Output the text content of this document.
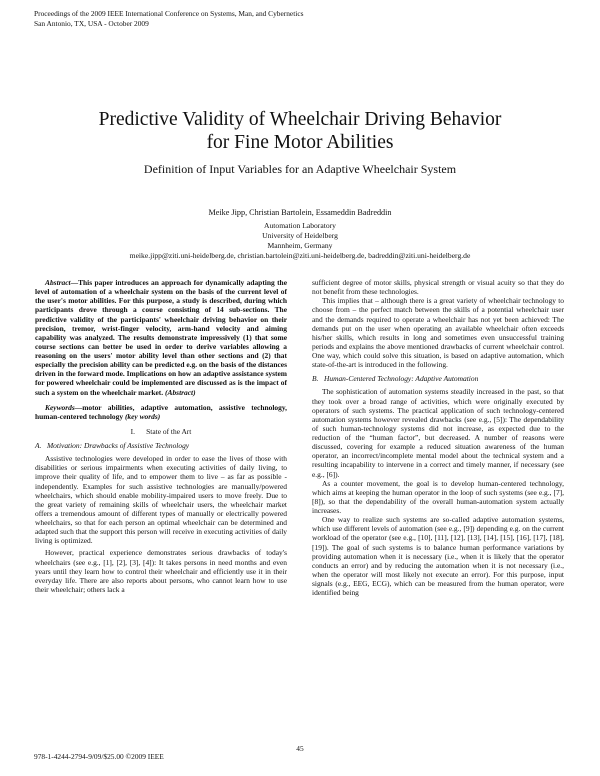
Proceedings of the 2009 IEEE International Conference on Systems, Man, and Cybernetics
San Antonio, TX, USA - October 2009
Predictive Validity of Wheelchair Driving Behavior
for Fine Motor Abilities
Definition of Input Variables for an Adaptive Wheelchair System
Meike Jipp, Christian Bartolein, Essameddin Badreddin
Automation Laboratory
University of Heidelberg
Mannheim, Germany
meike.jipp@ziti.uni-heidelberg.de, christian.bartolein@ziti.uni-heidelberg.de, badreddin@ziti.uni-heidelberg.de

Abstract—This paper introduces an approach for dynamically adapting the level of automation of a wheelchair system on the basis of the current level of the user's motor abilities. For this purpose, a study is described, during which participants drove through a course consisting of 14 sub-sections. The predictive validity of the participants' wheelchair driving behavior on their precision, tremor, wrist-finger velocity, arm-hand velocity and aiming capability was analyzed. The results demonstrate impressively (1) that some course sections can better be used in order to derive variables allowing a reasoning on the users' motor ability level than other sections and (2) that especially the precision ability can be predicted e.g. on the basis of the distances driven in the forward mode. Implications on how an adaptive assistance system for powered wheelchair could be implemented are discussed as is the impact of such a system on the wheelchair market. (Abstract)

Keywords—motor abilities, adaptive automation, assistive technology, human-centered technology (key words)

I.      State of the Art
A.   Motivation: Drawbacks of Assistive Technology

Assistive technologies were developed in order to ease the lives of those with disabilities or serious impairments when executing activities of daily living, to improve their quality of life, and to empower them to live – as far as possible - independently. Examples for such assistive technologies are manually/powered wheelchairs, which should enable mobility-impaired users to move freely. Due to the great variety of remaining skills of wheelchair users, the wheelchair market offers a tremendous amount of different types of manually or electrically powered wheelchairs, so that for each person an optimal wheelchair can be determined and adapted such that the support this person will receive in executing activities of daily living is optimized.

However, practical experience demonstrates serious drawbacks of today's wheelchairs (see e.g., [1], [2], [3], [4]): It takes persons in need months and even years until they learn how to control their wheelchair and efficiently use it in their everyday life. There are also reports about persons, who cannot learn how to use their wheelchair; others lack a

sufficient degree of motor skills, physical strength or visual acuity so that they do not benefit from these technologies.

This implies that – although there is a great variety of wheelchair technology to choose from – the perfect match between the skills of a potential wheelchair user and the demands required to operate a wheelchair has not yet been achieved: The demands put on the user when operating an available wheelchair often exceeds his/her skills, which results in long and sometimes even unsuccessful training periods and explains the above mentioned drawbacks of current wheelchair control. One way, which could solve this situation, is based on adaptive automation, which state-of-the-art is introduced in the following.

B.   Human-Centered Technology: Adaptive Automation

The sophistication of automation systems steadily increased in the past, so that they took over a broad range of activities, which were originally executed by operators of such systems. The practical application of such technology-centered automation systems however revealed drawbacks (see e.g., [5]): The dependability of such human-technology systems did not increase, as expected due to the reduction of the “human factor”, but decreased. A number of reasons were discussed, covering for example a reduced situation awareness of the human operator, an incorrect/incomplete mental model about the technical system and a resulting incapability to intervene in a correct and timely manner, if necessary (see e.g., [6]).

As a counter movement, the goal is to develop human-centered technology, which aims at keeping the human operator in the loop of such systems (see e.g., [7], [8]), so that the dependability of the overall human-automation system actually increases.

One way to realize such systems are so-called adaptive automation systems, which use different levels of automation (see e.g., [9]) depending e.g. on the current workload of the operator (see e.g., [10], [11], [12], [13], [14], [15], [16], [17], [18], [19]). The goal of such systems is to balance human performance variations by providing automation when it is necessary (i.e., when it is likely that the operator conducts an error) and by reducing the automation when it is not necessary (i.e., when the operator will most likely not execute an error). For this purpose, input signals (e.g., EEG, ECG), which can be measured from the human operator, were identified being

45
978-1-4244-2794-9/09/$25.00 ©2009 IEEE
